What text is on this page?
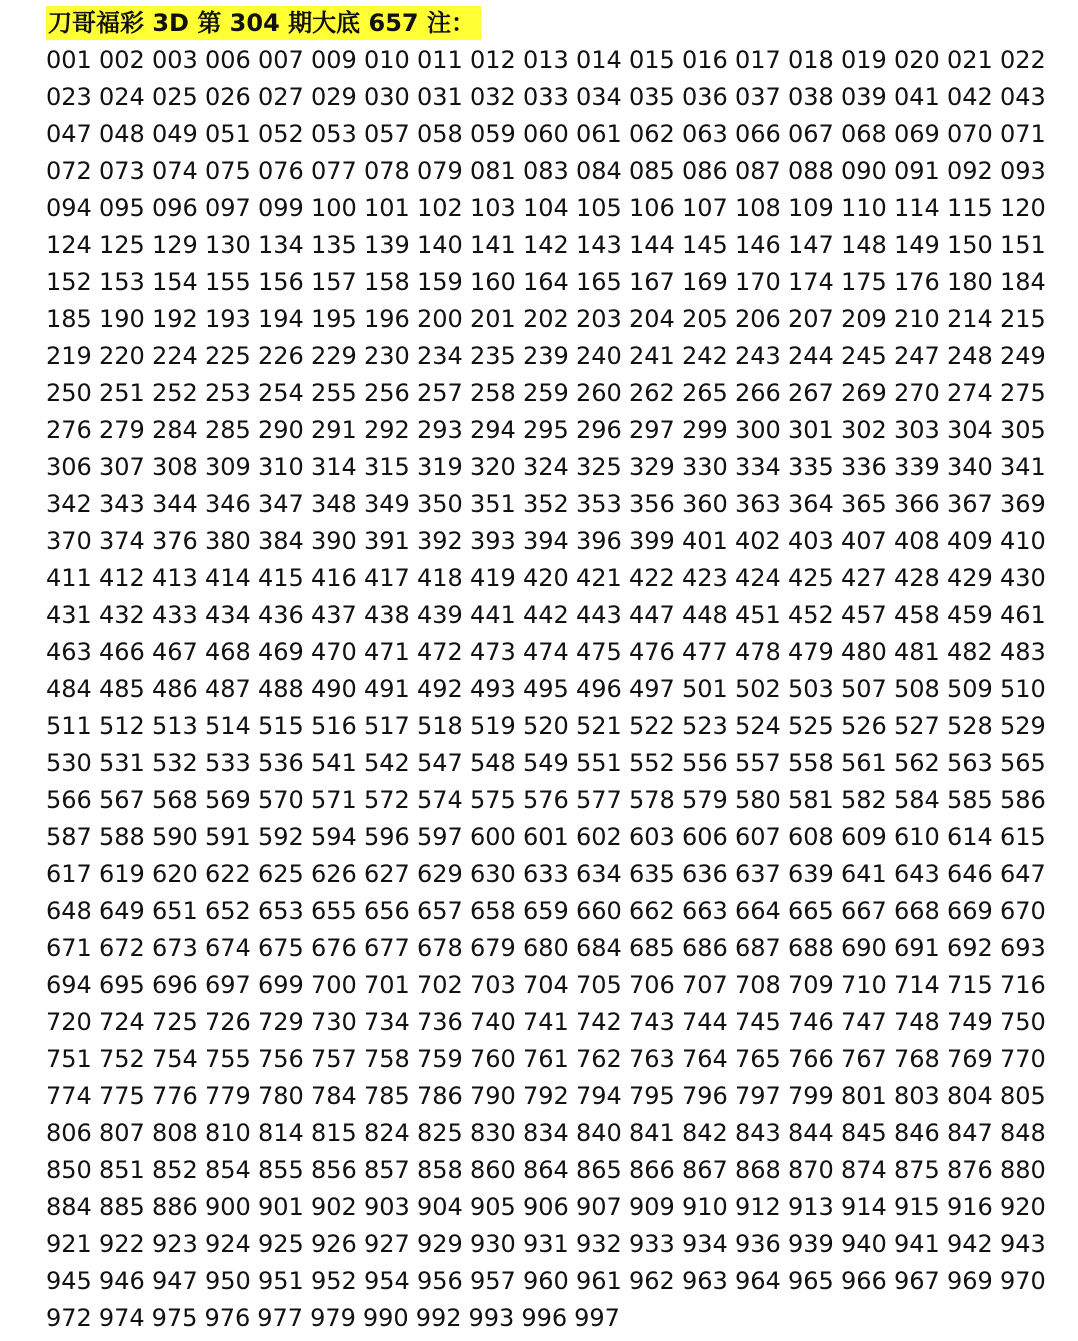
刀哥福彩 3D 第 304 期大底 657 注：
001 002 003 006 007 009 010 011 012 013 014 015 016 017 018 019 020 021 022
023 024 025 026 027 029 030 031 032 033 034 035 036 037 038 039 041 042 043
047 048 049 051 052 053 057 058 059 060 061 062 063 066 067 068 069 070 071
072 073 074 075 076 077 078 079 081 083 084 085 086 087 088 090 091 092 093
094 095 096 097 099 100 101 102 103 104 105 106 107 108 109 110 114 115 120
124 125 129 130 134 135 139 140 141 142 143 144 145 146 147 148 149 150 151
152 153 154 155 156 157 158 159 160 164 165 167 169 170 174 175 176 180 184
185 190 192 193 194 195 196 200 201 202 203 204 205 206 207 209 210 214 215
219 220 224 225 226 229 230 234 235 239 240 241 242 243 244 245 247 248 249
250 251 252 253 254 255 256 257 258 259 260 262 265 266 267 269 270 274 275
276 279 284 285 290 291 292 293 294 295 296 297 299 300 301 302 303 304 305
306 307 308 309 310 314 315 319 320 324 325 329 330 334 335 336 339 340 341
342 343 344 346 347 348 349 350 351 352 353 356 360 363 364 365 366 367 369
370 374 376 380 384 390 391 392 393 394 396 399 401 402 403 407 408 409 410
411 412 413 414 415 416 417 418 419 420 421 422 423 424 425 427 428 429 430
431 432 433 434 436 437 438 439 441 442 443 447 448 451 452 457 458 459 461
463 466 467 468 469 470 471 472 473 474 475 476 477 478 479 480 481 482 483
484 485 486 487 488 490 491 492 493 495 496 497 501 502 503 507 508 509 510
511 512 513 514 515 516 517 518 519 520 521 522 523 524 525 526 527 528 529
530 531 532 533 536 541 542 547 548 549 551 552 556 557 558 561 562 563 565
566 567 568 569 570 571 572 574 575 576 577 578 579 580 581 582 584 585 586
587 588 590 591 592 594 596 597 600 601 602 603 606 607 608 609 610 614 615
617 619 620 622 625 626 627 629 630 633 634 635 636 637 639 641 643 646 647
648 649 651 652 653 655 656 657 658 659 660 662 663 664 665 667 668 669 670
671 672 673 674 675 676 677 678 679 680 684 685 686 687 688 690 691 692 693
694 695 696 697 699 700 701 702 703 704 705 706 707 708 709 710 714 715 716
720 724 725 726 729 730 734 736 740 741 742 743 744 745 746 747 748 749 750
751 752 754 755 756 757 758 759 760 761 762 763 764 765 766 767 768 769 770
774 775 776 779 780 784 785 786 790 792 794 795 796 797 799 801 803 804 805
806 807 808 810 814 815 824 825 830 834 840 841 842 843 844 845 846 847 848
850 851 852 854 855 856 857 858 860 864 865 866 867 868 870 874 875 876 880
884 885 886 900 901 902 903 904 905 906 907 909 910 912 913 914 915 916 920
921 922 923 924 925 926 927 929 930 931 932 933 934 936 939 940 941 942 943
945 946 947 950 951 952 954 956 957 960 961 962 963 964 965 966 967 969 970
972 974 975 976 977 979 990 992 993 996 997
